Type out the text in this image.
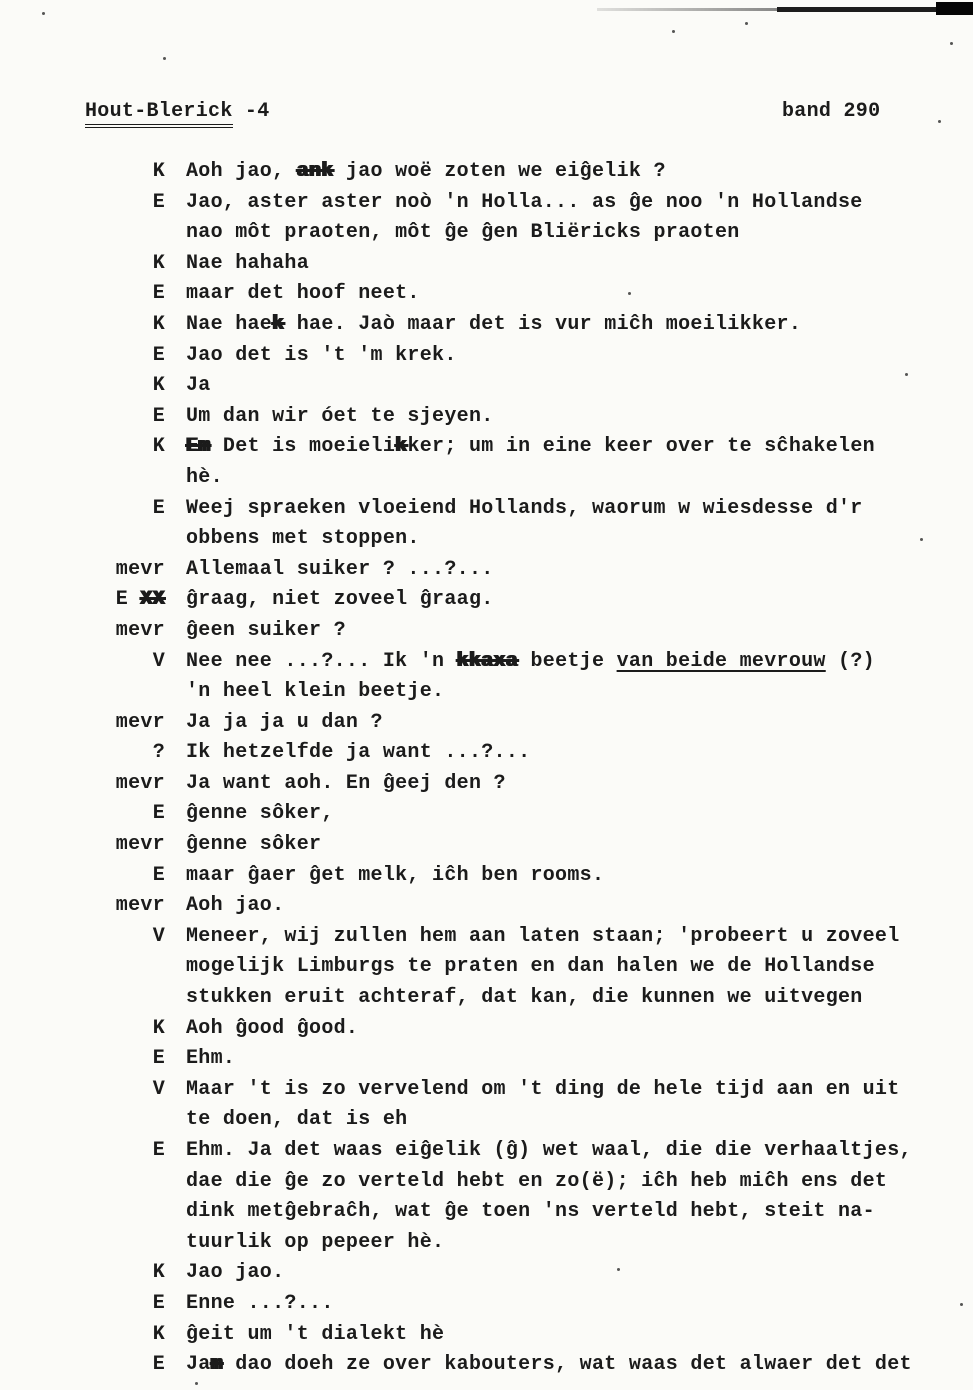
Hout-Blerick -4	band 290
K Aoh jao, ank jao woë zoten we eiĝelik ?
E Jao, aster aster noò 'n Holla... as ĝe noo 'n Hollandse
nao môt praoten, môt ĝe ĝen Bliëricks praoten
K Nae hahaha
E maar det hoof neet.
K Nae haek hae. Jaò maar det is vur miĉh moeilikker.
E Jao det is 't 'm krek.
K Ja
E Um dan wir óet te sjeyen.
K Em Det is moeielikker; um in eine keer over te sĉhakelen
hè.
E Weej spraeken vloeiend Hollands, waorum w wiesdesse d'r
obbens met stoppen.
mevr Allemaal suiker ? ...?...
E XX ĝraag, niet zoveel ĝraag.
mevr ĝeen suiker ?
V Nee nee ...?... Ik 'n kkaxa beetje van beide mevrouw (?)
'n heel klein beetje.
mevr Ja ja ja u dan ?
? Ik hetzelfde ja want ...?...
mevr Ja want aoh. En ĝeej den ?
E ĝenne sôker,
mevr ĝenne sôker
E maar ĝaer ĝet melk, iĉh ben rooms.
mevr Aoh jao.
V Meneer, wij zullen hem aan laten staan; 'probeert u zoveel
mogelijk Limburgs te praten en dan halen we de Hollandse
stukken eruit achteraf, dat kan, die kunnen we uitvegen
K Aoh ĝood ĝood.
E Ehm.
V Maar 't is zo vervelend om 't ding de hele tijd aan en uit
te doen, dat is eh
E Ehm. Ja det waas eiĝelik (ĝ) wet waal, die die verhaaltjes,
dae die ĝe zo verteld hebt en zo(ë); iĉh heb miĉh ens det
dink metĝebraĉh, wat ĝe toen 'ns verteld hebt, steit na-
tuurlik op pepeer hè.
K Jao jao.
E Enne ...?...
K ĝeit um 't dialekt hè
E Jam dao doeh ze over kabouters, wat waas det alwaer det det
